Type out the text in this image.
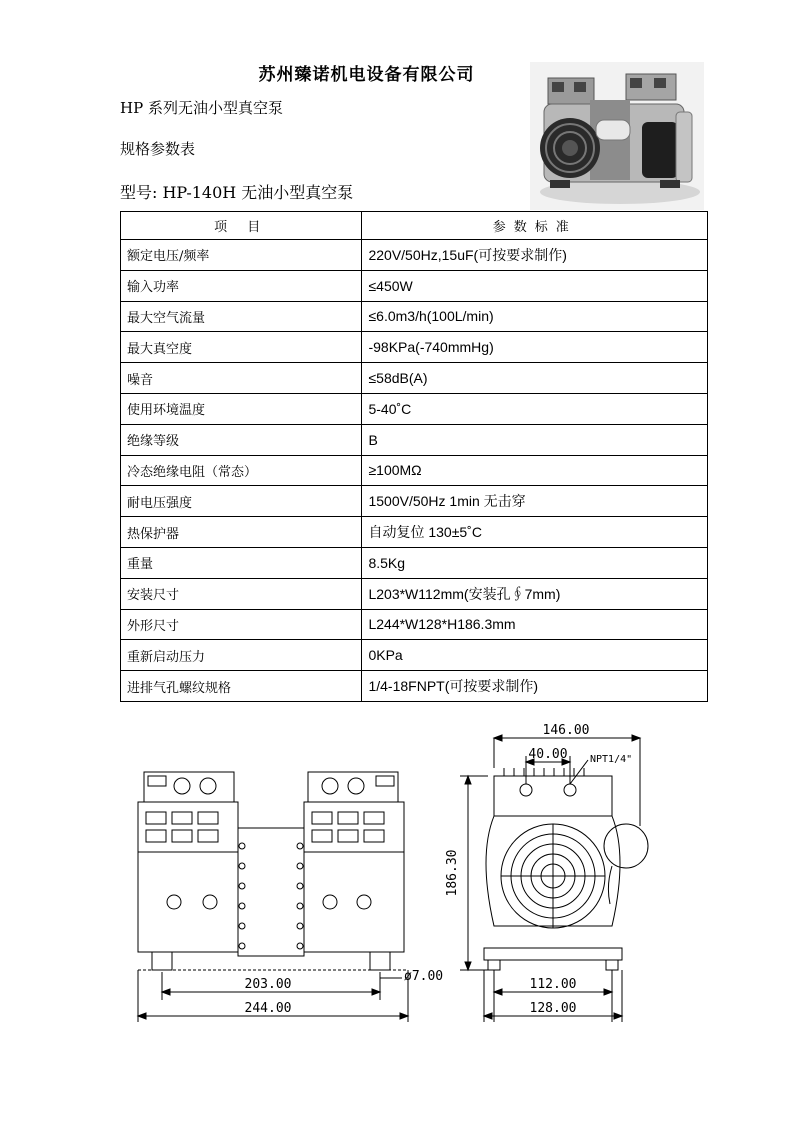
苏州臻诺机电设备有限公司
HP 系列无油小型真空泵
规格参数表
型号: HP-140H 无油小型真空泵
项 目	参数标准
额定电压/频率	220V/50Hz,15uF(可按要求制作)
输入功率	≤450W
最大空气流量	≤6.0m3/h(100L/min)
最大真空度	-98KPa(-740mmHg)
噪音	≤58dB(A)
使用环境温度	5-40˚C
绝缘等级	B
冷态绝缘电阻（常态）	≥100MΩ
耐电压强度	1500V/50Hz 1min 无击穿
热保护器	自动复位 130±5˚C
重量	8.5Kg
安装尺寸	L203*W112mm(安装孔∮7mm)
外形尺寸	L244*W128*H186.3mm
重新启动压力	0KPa
进排气孔螺纹规格	1/4-18FNPT(可按要求制作)
203.00
244.00
ø7.00
146.00
40.00 NPT1/4"
186.30
112.00
128.00
